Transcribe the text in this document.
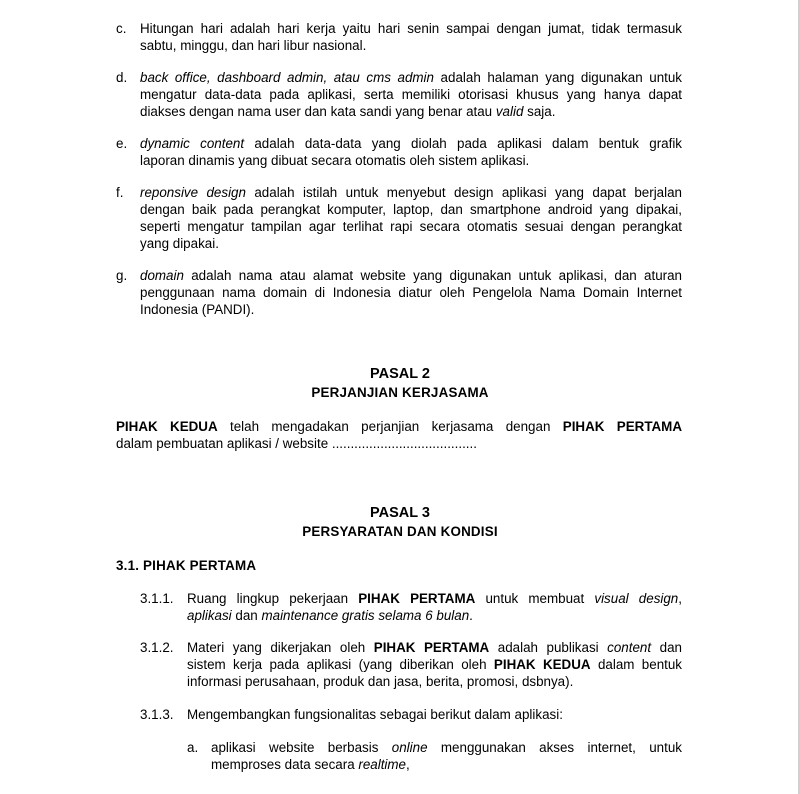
c. Hitungan hari adalah hari kerja yaitu hari senin sampai dengan jumat, tidak termasuk
sabtu, minggu, dan hari libur nasional.
d. back office, dashboard admin, atau cms admin adalah halaman yang digunakan untuk
mengatur data-data pada aplikasi, serta memiliki otorisasi khusus yang hanya dapat
diakses dengan nama user dan kata sandi yang benar atau valid saja.
e. dynamic content adalah data-data yang diolah pada aplikasi dalam bentuk grafik
laporan dinamis yang dibuat secara otomatis oleh sistem aplikasi.
f. reponsive design adalah istilah untuk menyebut design aplikasi yang dapat berjalan
dengan baik pada perangkat komputer, laptop, dan smartphone android yang dipakai,
seperti mengatur tampilan agar terlihat rapi secara otomatis sesuai dengan perangkat
yang dipakai.
g. domain adalah nama atau alamat website yang digunakan untuk aplikasi, dan aturan
penggunaan nama domain di Indonesia diatur oleh Pengelola Nama Domain Internet
Indonesia (PANDI).
PASAL 2
PERJANJIAN KERJASAMA
PIHAK KEDUA telah mengadakan perjanjian kerjasama dengan PIHAK PERTAMA
dalam pembuatan aplikasi / website .......................................
PASAL 3
PERSYARATAN DAN KONDISI
3.1. PIHAK PERTAMA
3.1.1. Ruang lingkup pekerjaan PIHAK PERTAMA untuk membuat visual design,
aplikasi dan maintenance gratis selama 6 bulan.
3.1.2. Materi yang dikerjakan oleh PIHAK PERTAMA adalah publikasi content dan
sistem kerja pada aplikasi (yang diberikan oleh PIHAK KEDUA dalam bentuk
informasi perusahaan, produk dan jasa, berita, promosi, dsbnya).
3.1.3. Mengembangkan fungsionalitas sebagai berikut dalam aplikasi:
a. aplikasi website berbasis online menggunakan akses internet, untuk
memproses data secara realtime,
